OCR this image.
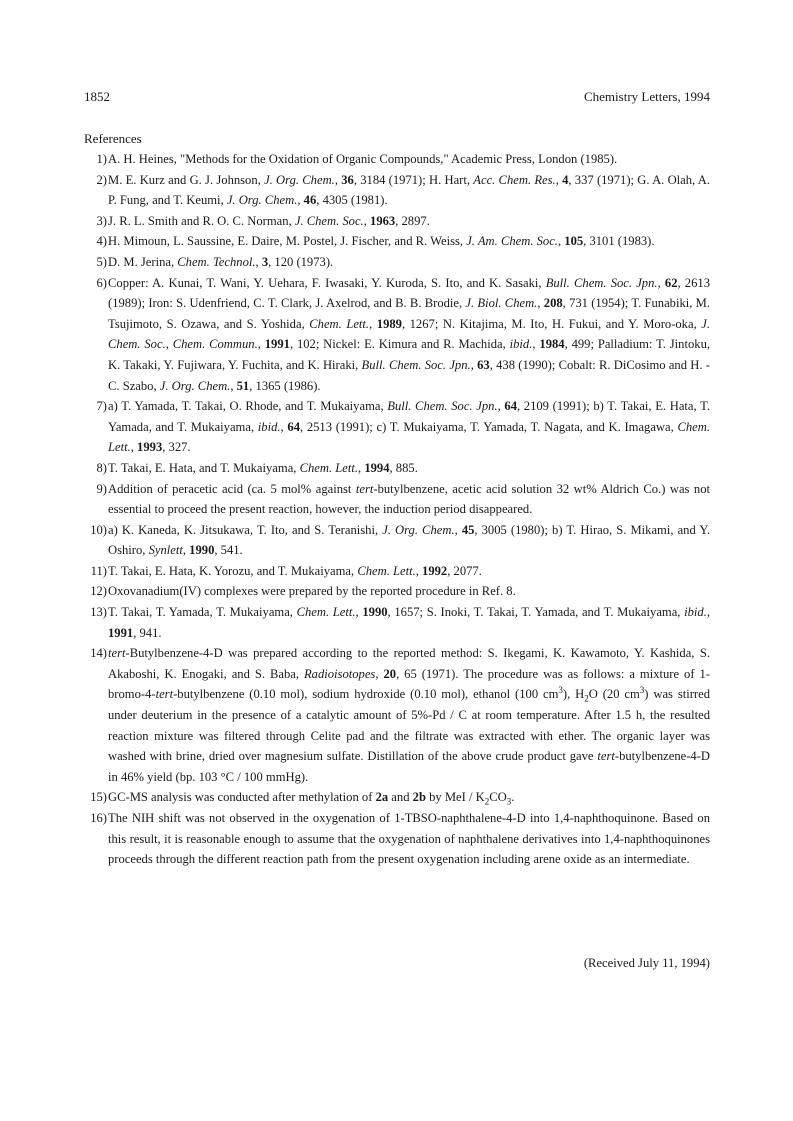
1852	Chemistry Letters, 1994
References
1) A. H. Heines, "Methods for the Oxidation of Organic Compounds," Academic Press, London (1985).
2) M. E. Kurz and G. J. Johnson, J. Org. Chem., 36, 3184 (1971); H. Hart, Acc. Chem. Res., 4, 337 (1971); G. A. Olah, A. P. Fung, and T. Keumi, J. Org. Chem., 46, 4305 (1981).
3) J. R. L. Smith and R. O. C. Norman, J. Chem. Soc., 1963, 2897.
4) H. Mimoun, L. Saussine, E. Daire, M. Postel, J. Fischer, and R. Weiss, J. Am. Chem. Soc., 105, 3101 (1983).
5) D. M. Jerina, Chem. Technol., 3, 120 (1973).
6) Copper: A. Kunai, T. Wani, Y. Uehara, F. Iwasaki, Y. Kuroda, S. Ito, and K. Sasaki, Bull. Chem. Soc. Jpn., 62, 2613 (1989); Iron: S. Udenfriend, C. T. Clark, J. Axelrod, and B. B. Brodie, J. Biol. Chem., 208, 731 (1954); T. Funabiki, M. Tsujimoto, S. Ozawa, and S. Yoshida, Chem. Lett., 1989, 1267; N. Kitajima, M. Ito, H. Fukui, and Y. Moro-oka, J. Chem. Soc., Chem. Commun., 1991, 102; Nickel: E. Kimura and R. Machida, ibid., 1984, 499; Palladium: T. Jintoku, K. Takaki, Y. Fujiwara, Y. Fuchita, and K. Hiraki, Bull. Chem. Soc. Jpn., 63, 438 (1990); Cobalt: R. DiCosimo and H. -C. Szabo, J. Org. Chem., 51, 1365 (1986).
7) a) T. Yamada, T. Takai, O. Rhode, and T. Mukaiyama, Bull. Chem. Soc. Jpn., 64, 2109 (1991); b) T. Takai, E. Hata, T. Yamada, and T. Mukaiyama, ibid., 64, 2513 (1991); c) T. Mukaiyama, T. Yamada, T. Nagata, and K. Imagawa, Chem. Lett., 1993, 327.
8) T. Takai, E. Hata, and T. Mukaiyama, Chem. Lett., 1994, 885.
9) Addition of peracetic acid (ca. 5 mol% against tert-butylbenzene, acetic acid solution 32 wt% Aldrich Co.) was not essential to proceed the present reaction, however, the induction period disappeared.
10) a) K. Kaneda, K. Jitsukawa, T. Ito, and S. Teranishi, J. Org. Chem., 45, 3005 (1980); b) T. Hirao, S. Mikami, and Y. Oshiro, Synlett, 1990, 541.
11) T. Takai, E. Hata, K. Yorozu, and T. Mukaiyama, Chem. Lett., 1992, 2077.
12) Oxovanadium(IV) complexes were prepared by the reported procedure in Ref. 8.
13) T. Takai, T. Yamada, T. Mukaiyama, Chem. Lett., 1990, 1657; S. Inoki, T. Takai, T. Yamada, and T. Mukaiyama, ibid., 1991, 941.
14) tert-Butylbenzene-4-D was prepared according to the reported method: S. Ikegami, K. Kawamoto, Y. Kashida, S. Akaboshi, K. Enogaki, and S. Baba, Radioisotopes, 20, 65 (1971). The procedure was as follows: a mixture of 1-bromo-4-tert-butylbenzene (0.10 mol), sodium hydroxide (0.10 mol), ethanol (100 $cm^3$), $H_2O$ (20 $cm^3$) was stirred under deuterium in the presence of a catalytic amount of 5%-Pd / C at room temperature. After 1.5 h, the resulted reaction mixture was filtered through Celite pad and the filtrate was extracted with ether. The organic layer was washed with brine, dried over magnesium sulfate. Distillation of the above crude product gave tert-butylbenzene-4-D in 46% yield (bp. 103 °C / 100 mmHg).
15) GC-MS analysis was conducted after methylation of 2a and 2b by MeI / $K_2CO_3$.
16) The NIH shift was not observed in the oxygenation of 1-TBSO-naphthalene-4-D into 1,4-naphthoquinone. Based on this result, it is reasonable enough to assume that the oxygenation of naphthalene derivatives into 1,4-naphthoquinones proceeds through the different reaction path from the present oxygenation including arene oxide as an intermediate.
(Received July 11, 1994)
